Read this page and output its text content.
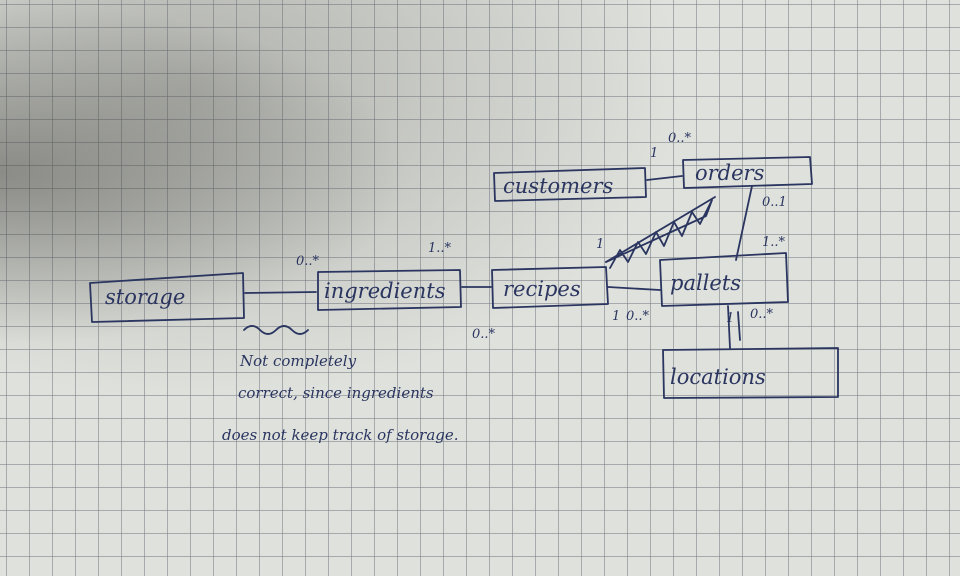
storage	ingredients	recipes
customers
orders
pallets
locations
0..*
1..*
0..*
1
0..*
0..1
1..*
1 0..*	0..*
1
1
Not completely
correct, since ingredients
does not keep track of storage.
